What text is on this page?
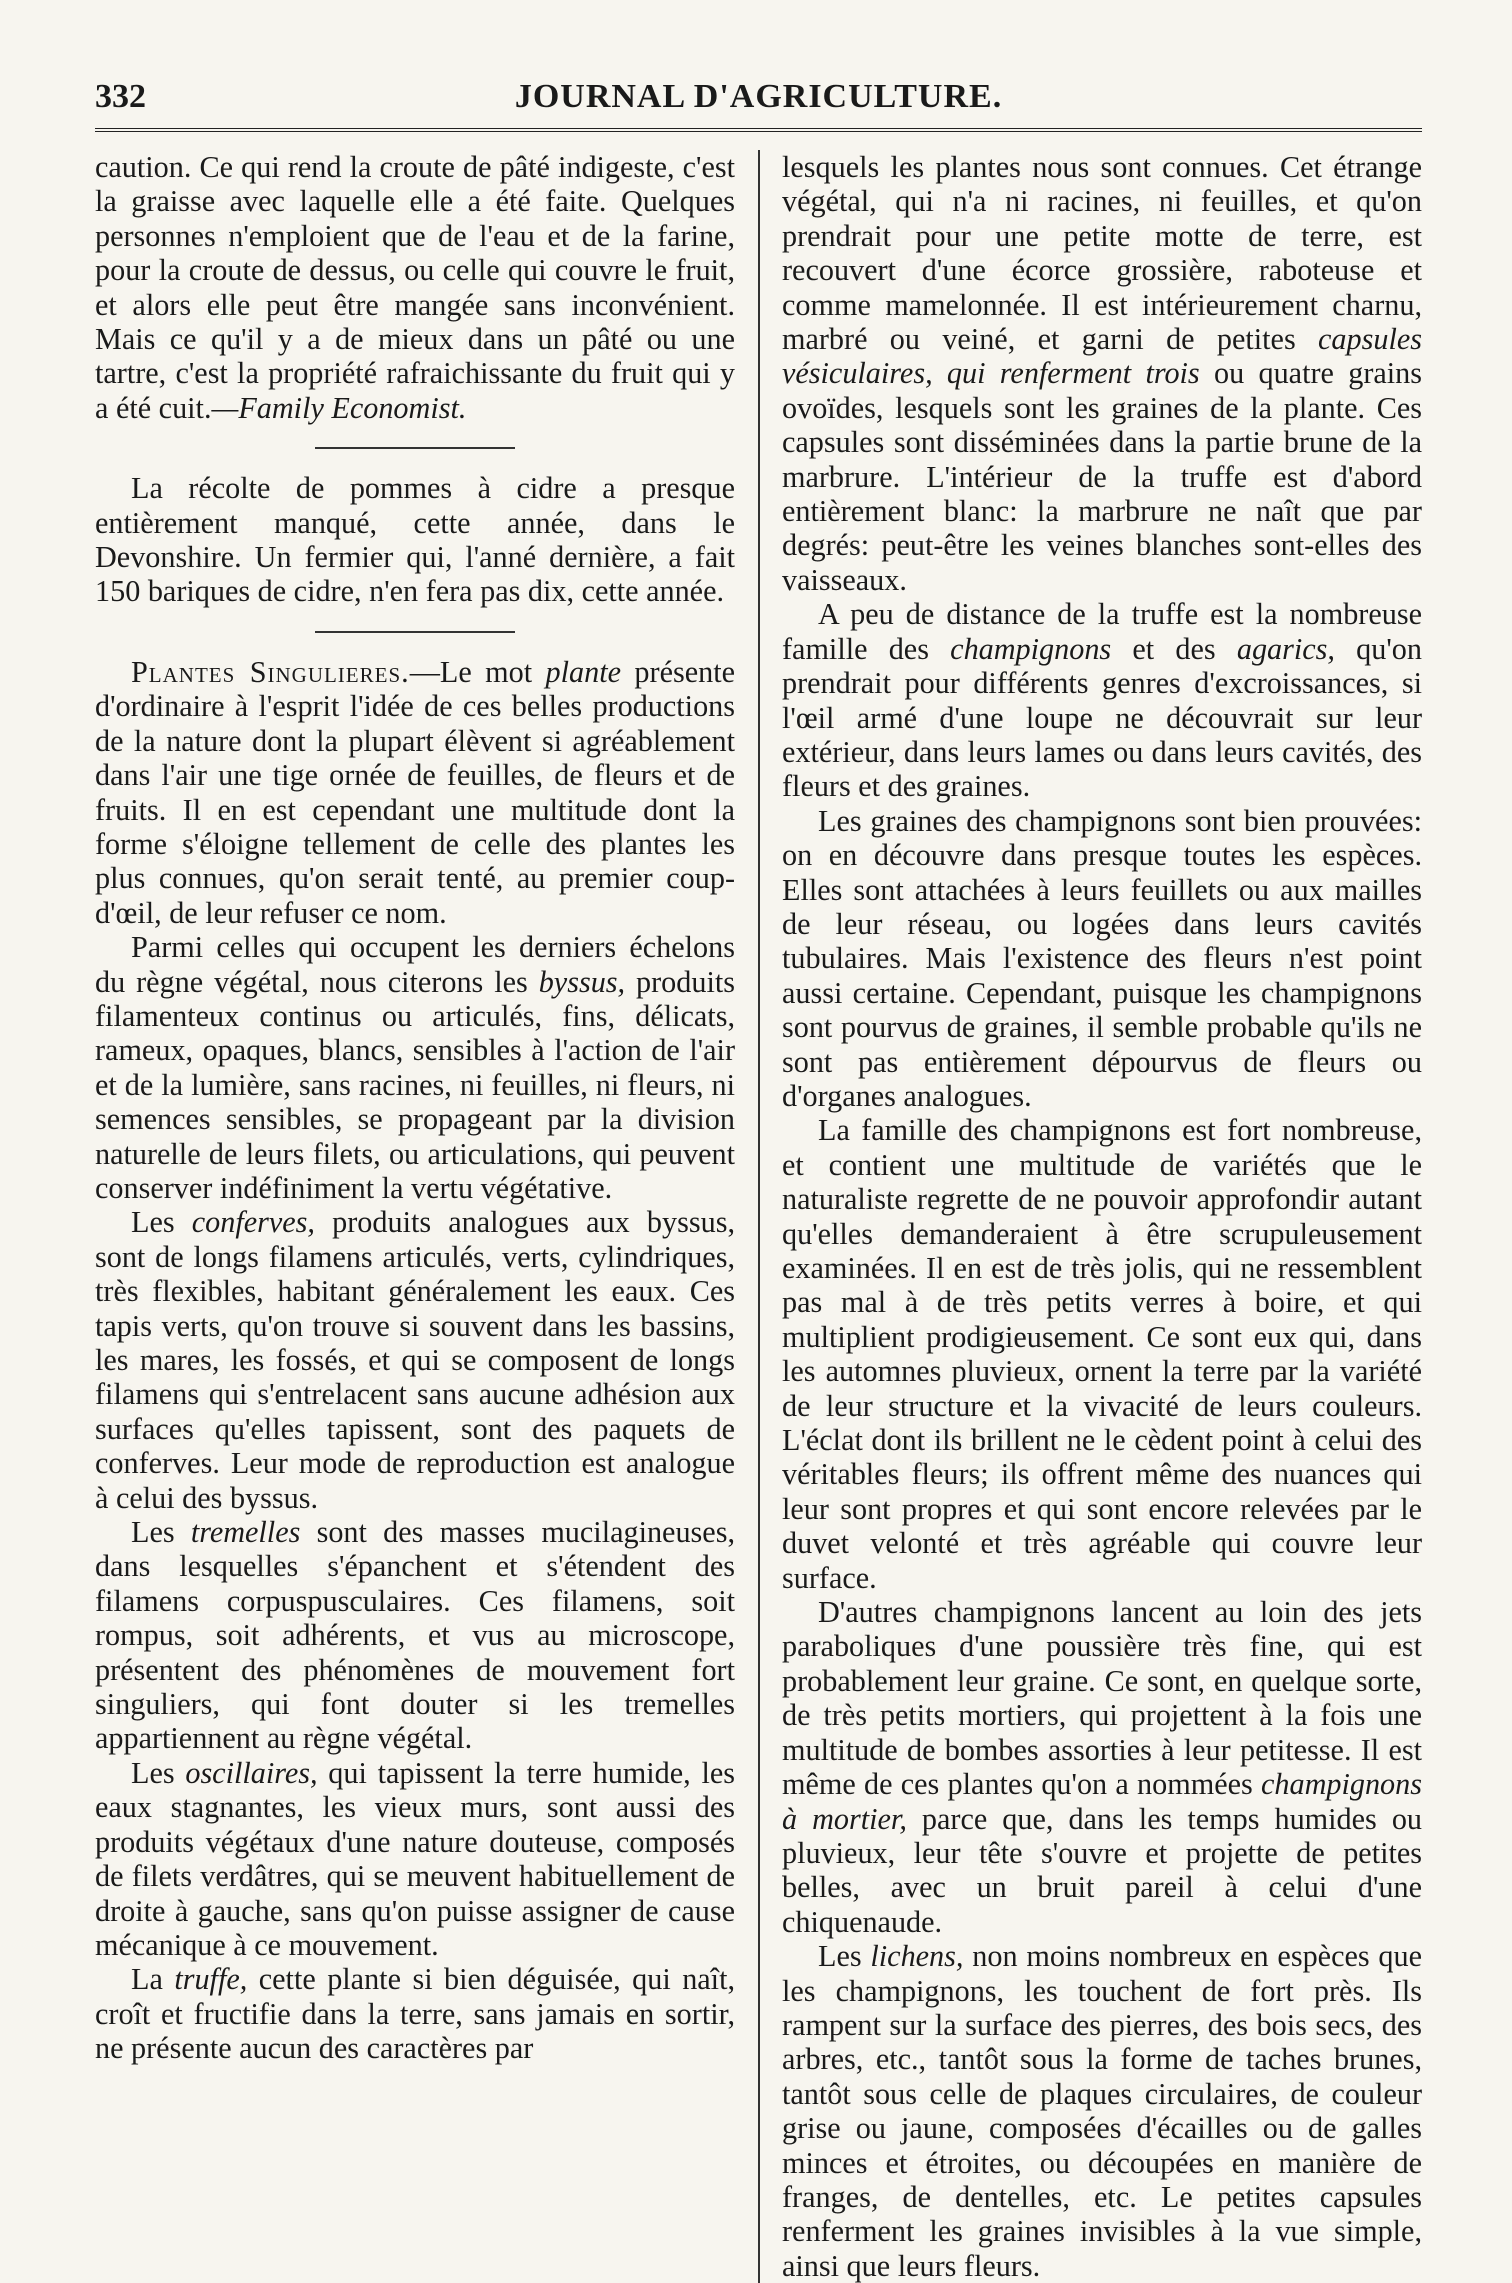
332	JOURNAL D'AGRICULTURE.

caution. Ce qui rend la croute de pâté indigeste, c'est la graisse avec laquelle elle a été faite. Quelques personnes n'emploient que de l'eau et de la farine, pour la croute de dessus, ou celle qui couvre le fruit, et alors elle peut être mangée sans inconvénient. Mais ce qu'il y a de mieux dans un pâté ou une tartre, c'est la propriété rafraichissante du fruit qui y a été cuit.—Family Economist.

La récolte de pommes à cidre a presque entièrement manqué, cette année, dans le Devonshire. Un fermier qui, l'anné dernière, a fait 150 bariques de cidre, n'en fera pas dix, cette année.

Plantes Singulieres.—Le mot plante présente d'ordinaire à l'esprit l'idée de ces belles productions de la nature dont la plupart élèvent si agréablement dans l'air une tige ornée de feuilles, de fleurs et de fruits. Il en est cependant une multitude dont la forme s'éloigne tellement de celle des plantes les plus connues, qu'on serait tenté, au premier coup-d'œil, de leur refuser ce nom.

Parmi celles qui occupent les derniers échelons du règne végétal, nous citerons les byssus, produits filamenteux continus ou articulés, fins, délicats, rameux, opaques, blancs, sensibles à l'action de l'air et de la lumière, sans racines, ni feuilles, ni fleurs, ni semences sensibles, se propageant par la division naturelle de leurs filets, ou articulations, qui peuvent conserver indéfiniment la vertu végétative.

Les conferves, produits analogues aux byssus, sont de longs filamens articulés, verts, cylindriques, très flexibles, habitant généralement les eaux. Ces tapis verts, qu'on trouve si souvent dans les bassins, les mares, les fossés, et qui se composent de longs filamens qui s'entrelacent sans aucune adhésion aux surfaces qu'elles tapissent, sont des paquets de conferves. Leur mode de reproduction est analogue à celui des byssus.

Les tremelles sont des masses mucilagineuses, dans lesquelles s'épanchent et s'étendent des filamens corpuspusculaires. Ces filamens, soit rompus, soit adhérents, et vus au microscope, présentent des phénomènes de mouvement fort singuliers, qui font douter si les tremelles appartiennent au règne végétal.

Les oscillaires, qui tapissent la terre humide, les eaux stagnantes, les vieux murs, sont aussi des produits végétaux d'une nature douteuse, composés de filets verdâtres, qui se meuvent habituellement de droite à gauche, sans qu'on puisse assigner de cause mécanique à ce mouvement.

La truffe, cette plante si bien déguisée, qui naît, croît et fructifie dans la terre, sans jamais en sortir, ne présente aucun des caractères par

lesquels les plantes nous sont connues. Cet étrange végétal, qui n'a ni racines, ni feuilles, et qu'on prendrait pour une petite motte de terre, est recouvert d'une écorce grossière, raboteuse et comme mamelonnée. Il est intérieurement charnu, marbré ou veiné, et garni de petites capsules vésiculaires, qui renferment trois ou quatre grains ovoïdes, lesquels sont les graines de la plante. Ces capsules sont disséminées dans la partie brune de la marbrure. L'intérieur de la truffe est d'abord entièrement blanc: la marbrure ne naît que par degrés: peut-être les veines blanches sont-elles des vaisseaux.

A peu de distance de la truffe est la nombreuse famille des champignons et des agarics, qu'on prendrait pour différents genres d'excroissances, si l'œil armé d'une loupe ne découvrait sur leur extérieur, dans leurs lames ou dans leurs cavités, des fleurs et des graines.

Les graines des champignons sont bien prouvées: on en découvre dans presque toutes les espèces. Elles sont attachées à leurs feuillets ou aux mailles de leur réseau, ou logées dans leurs cavités tubulaires. Mais l'existence des fleurs n'est point aussi certaine. Cependant, puisque les champignons sont pourvus de graines, il semble probable qu'ils ne sont pas entièrement dépourvus de fleurs ou d'organes analogues.

La famille des champignons est fort nombreuse, et contient une multitude de variétés que le naturaliste regrette de ne pouvoir approfondir autant qu'elles demanderaient à être scrupuleusement examinées. Il en est de très jolis, qui ne ressemblent pas mal à de très petits verres à boire, et qui multiplient prodigieusement. Ce sont eux qui, dans les automnes pluvieux, ornent la terre par la variété de leur structure et la vivacité de leurs couleurs. L'éclat dont ils brillent ne le cèdent point à celui des véritables fleurs; ils offrent même des nuances qui leur sont propres et qui sont encore relevées par le duvet velonté et très agréable qui couvre leur surface.

D'autres champignons lancent au loin des jets paraboliques d'une poussière très fine, qui est probablement leur graine. Ce sont, en quelque sorte, de très petits mortiers, qui projettent à la fois une multitude de bombes assorties à leur petitesse. Il est même de ces plantes qu'on a nommées champignons à mortier, parce que, dans les temps humides ou pluvieux, leur tête s'ouvre et projette de petites belles, avec un bruit pareil à celui d'une chiquenaude.

Les lichens, non moins nombreux en espèces que les champignons, les touchent de fort près. Ils rampent sur la surface des pierres, des bois secs, des arbres, etc., tantôt sous la forme de taches brunes, tantôt sous celle de plaques circulaires, de couleur grise ou jaune, composées d'écailles ou de galles minces et étroites, ou découpées en manière de franges, de dentelles, etc. Le petites capsules renferment les graines invisibles à la vue simple, ainsi que leurs fleurs.
